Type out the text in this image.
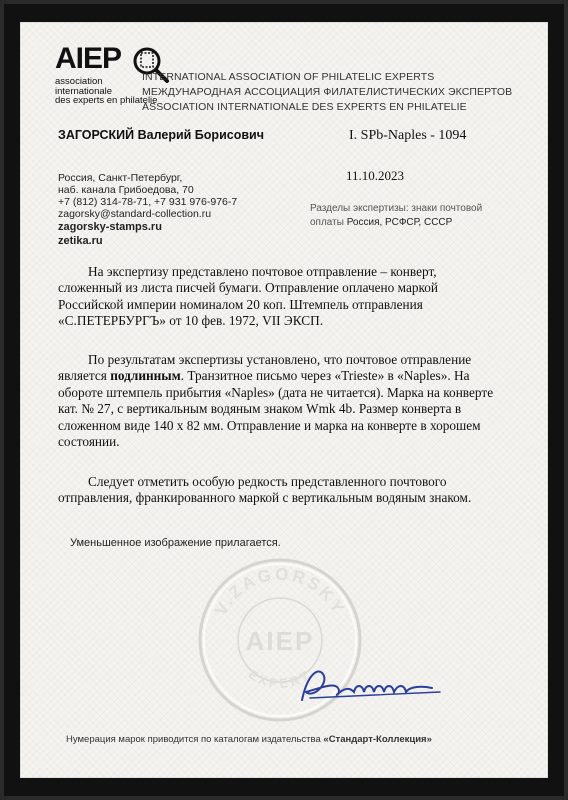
AIEP
association
internationale
des experts en philatelie
INTERNATIONAL ASSOCIATION OF PHILATELIC EXPERTS
МЕЖДУНАРОДНАЯ АССОЦИАЦИЯ ФИЛАТЕЛИСТИЧЕСКИХ ЭКСПЕРТОВ
ASSOCIATION INTERNATIONALE DES EXPERTS EN PHILATELIE
ЗАГОРСКИЙ Валерий Борисович
Россия, Санкт-Петербург,
наб. канала Грибоедова, 70
+7 (812) 314-78-71, +7 931 976-976-7
zagorsky@standard-collection.ru
zagorsky-stamps.ru
zetika.ru
I. SPb-Naples - 1094
11.10.2023
Разделы экспертизы: знаки почтовой
оплаты Россия, РСФСР, СССР

На экспертизу представлено почтовое отправление – конверт, сложенный из листа писчей бумаги. Отправление оплачено маркой Российской империи номиналом 20 коп. Штемпель отправления «С.ПЕТЕРБУРГЪ» от 10 фев. 1972, VII ЭКСП.

По результатам экспертизы установлено, что почтовое отправление является подлинным. Транзитное письмо через «Trieste» в «Naples». На обороте штемпель прибытия «Naples» (дата не читается). Марка на конверте кат. № 27, с вертикальным водяным знаком Wmk 4b. Размер конверта в сложенном виде 140 x 82 мм. Отправление и марка на конверте в хорошем состоянии.

Следует отметить особую редкость представленного почтового отправления, франкированного маркой с вертикальным водяным знаком.

Уменьшенное изображение прилагается.
V.ZAGORSKY
AIEP
EXPERT
Нумерация марок приводится по каталогам издательства «Стандарт-Коллекция»
